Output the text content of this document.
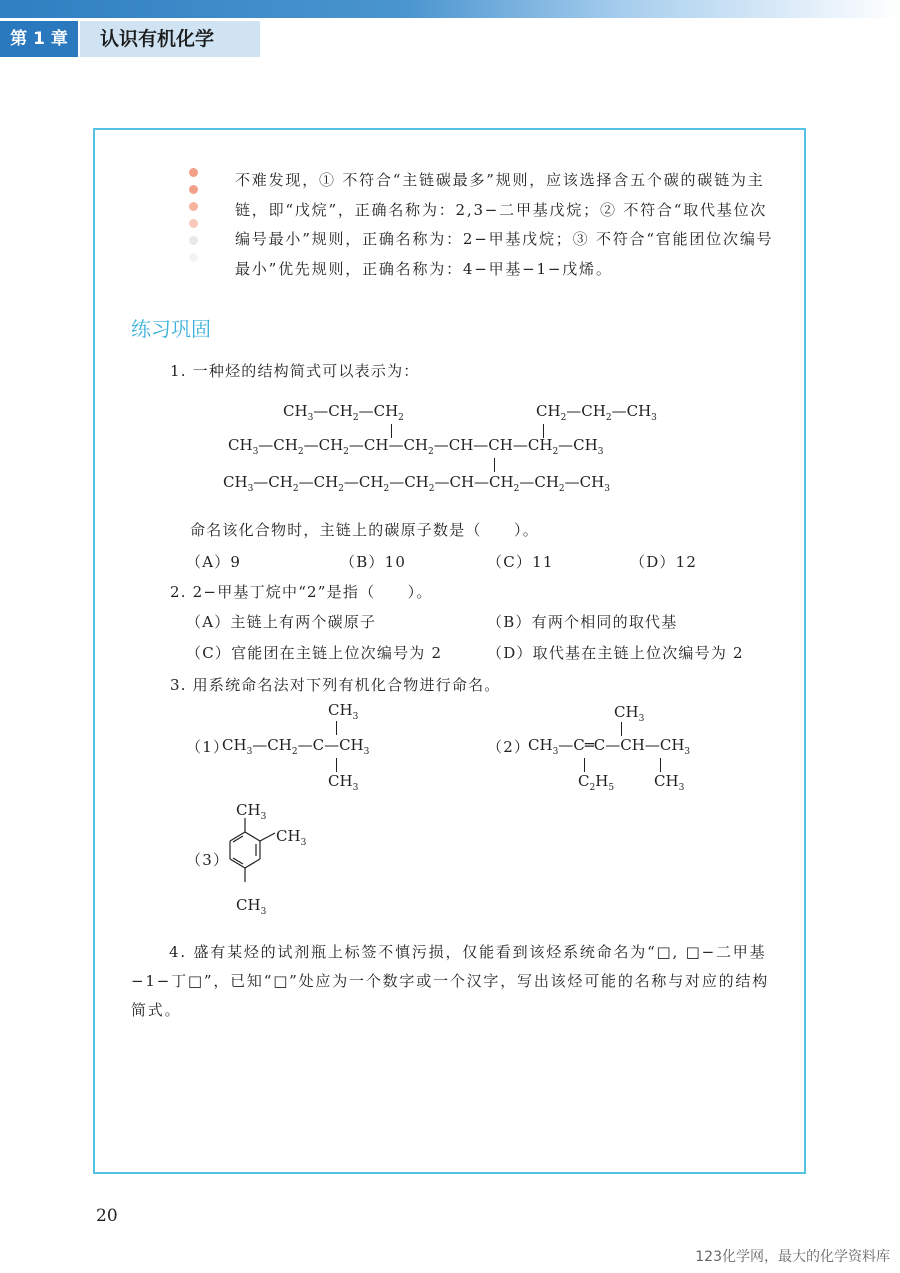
第 1 章	认识有机化学
不难发现，① 不符合“主链碳最多”规则，应该选择含五个碳的碳链为主链，即“戊烷”，正确名称为：2,3−二甲基戊烷；② 不符合“取代基位次编号最小”规则，正确名称为：2−甲基戊烷；③ 不符合“官能团位次编号最小”优先规则，正确名称为：4−甲基−1−戊烯。
练习巩固
1. 一种烃的结构简式可以表示为：
$CH_3—CH_2—CH_2$	$CH_2—CH_2—CH_3$
$CH_3—CH_2—CH_2—CH—CH_2—CH—CH—CH_2—CH_3$
$CH_3—CH_2—CH_2—CH_2—CH_2—CH—CH_2—CH_2—CH_3$
命名该化合物时，主链上的碳原子数是（　　）。
（A）9	（B）10	（C）11	（D）12
2. 2−甲基丁烷中“2”是指（　　）。
（A）主链上有两个碳原子	（B）有两个相同的取代基
（C）官能团在主链上位次编号为 2	（D）取代基在主链上位次编号为 2
3. 用系统命名法对下列有机化合物进行命名。
（1）
$CH_3$
$CH_3—CH_2—C—CH_3$
$CH_3$
（2）
$CH_3$
$CH_3—C═C—CH—CH_3$
$C_2H_5$	$CH_3$
（3）
$CH_3$
$CH_3$
$CH_3$
4. 盛有某烃的试剂瓶上标签不慎污损，仅能看到该烃系统命名为“□, □−二甲基−1−丁□”，已知“□”处应为一个数字或一个汉字，写出该烃可能的名称与对应的结构简式。
20
123化学网，最大的化学资料库
